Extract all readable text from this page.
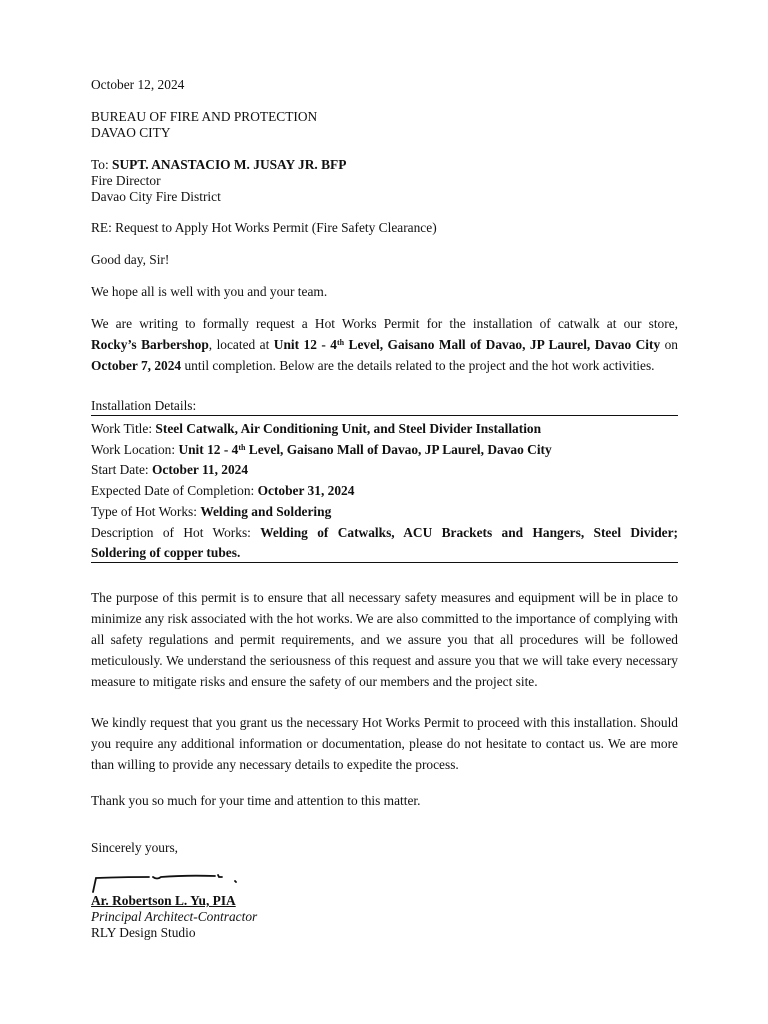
October 12, 2024
BUREAU OF FIRE AND PROTECTION
DAVAO CITY
To: SUPT. ANASTACIO M. JUSAY JR. BFP
Fire Director
Davao City Fire District
RE: Request to Apply Hot Works Permit (Fire Safety Clearance)
Good day, Sir!
We hope all is well with you and your team.

We are writing to formally request a Hot Works Permit for the installation of catwalk at our store,

Rocky’s Barbershop, located at Unit 12 - 4th Level, Gaisano Mall of Davao, JP Laurel, Davao City on

October 7, 2024 until completion. Below are the details related to the project and the hot work activities.

Installation Details:
Work Title: Steel Catwalk, Air Conditioning Unit, and Steel Divider Installation
Work Location: Unit 12 - 4th Level, Gaisano Mall of Davao, JP Laurel, Davao City
Start Date: October 11, 2024
Expected Date of Completion: October 31, 2024
Type of Hot Works: Welding and Soldering
Description of Hot Works: Welding of Catwalks, ACU Brackets and Hangers, Steel Divider;
Soldering of copper tubes.

The purpose of this permit is to ensure that all necessary safety measures and equipment will be in place to minimize any risk associated with the hot works. We are also committed to the importance of complying with all safety regulations and permit requirements, and we assure you that all procedures will be followed meticulously. We understand the seriousness of this request and assure you that we will take every necessary measure to mitigate risks and ensure the safety of our members and the project site.

We kindly request that you grant us the necessary Hot Works Permit to proceed with this installation. Should you require any additional information or documentation, please do not hesitate to contact us. We are more than willing to provide any necessary details to expedite the process.

Thank you so much for your time and attention to this matter.
Sincerely yours,
Ar. Robertson L. Yu, PIA
Principal Architect-Contractor
RLY Design Studio
